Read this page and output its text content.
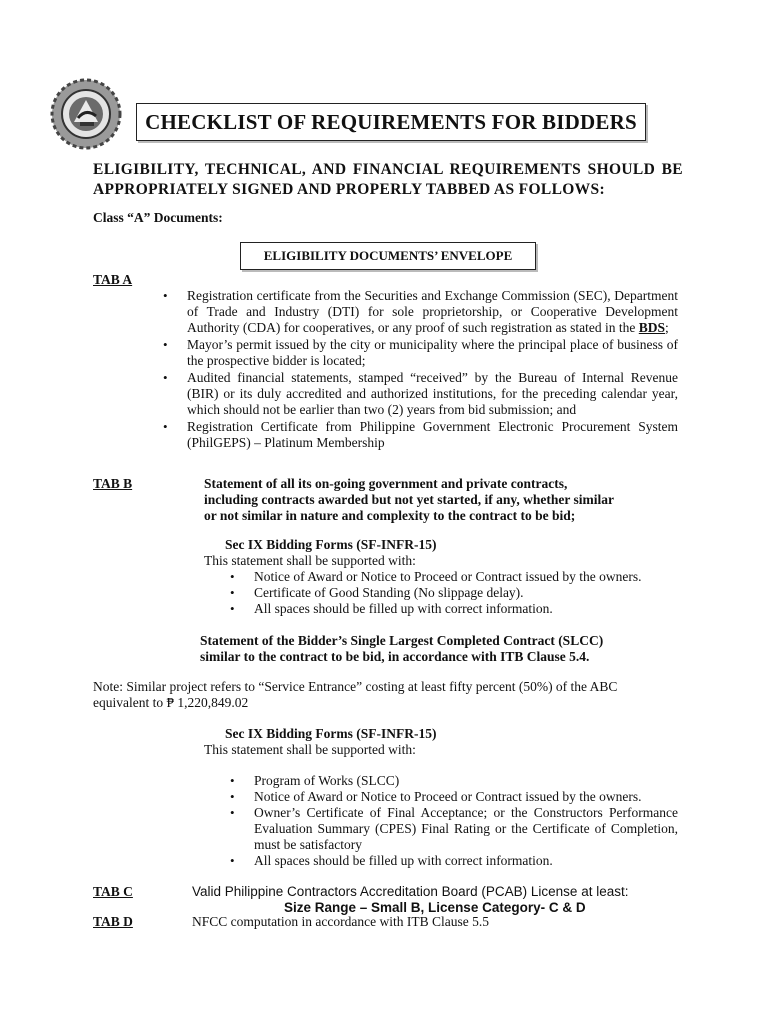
CHECKLIST OF REQUIREMENTS FOR BIDDERS
ELIGIBILITY, TECHNICAL, AND FINANCIAL REQUIREMENTS SHOULD BE APPROPRIATELY SIGNED AND PROPERLY TABBED AS FOLLOWS:
Class “A” Documents:
ELIGIBILITY DOCUMENTS’ ENVELOPE
TAB A
• Registration certificate from the Securities and Exchange Commission (SEC), Department of Trade and Industry (DTI) for sole proprietorship, or Cooperative Development Authority (CDA) for cooperatives, or any proof of such registration as stated in the BDS;
• Mayor’s permit issued by the city or municipality where the principal place of business of the prospective bidder is located;
• Audited financial statements, stamped “received” by the Bureau of Internal Revenue (BIR) or its duly accredited and authorized institutions, for the preceding calendar year, which should not be earlier than two (2) years from bid submission; and
• Registration Certificate from Philippine Government Electronic Procurement System (PhilGEPS) – Platinum Membership
TAB B	Statement of all its on-going government and private contracts,
including contracts awarded but not yet started, if any, whether similar
or not similar in nature and complexity to the contract to be bid;
Sec IX Bidding Forms (SF-INFR-15)
This statement shall be supported with:
• Notice of Award or Notice to Proceed or Contract issued by the owners.
• Certificate of Good Standing (No slippage delay).
• All spaces should be filled up with correct information.
Statement of the Bidder’s Single Largest Completed Contract (SLCC)
similar to the contract to be bid, in accordance with ITB Clause 5.4.
Note: Similar project refers to “Service Entrance” costing at least fifty percent (50%) of the ABC
equivalent to ₱ 1,220,849.02
Sec IX Bidding Forms (SF-INFR-15)
This statement shall be supported with:
• Program of Works (SLCC)
• Notice of Award or Notice to Proceed or Contract issued by the owners.
• Owner’s Certificate of Final Acceptance; or the Constructors Performance Evaluation Summary (CPES) Final Rating or the Certificate of Completion, must be satisfactory
• All spaces should be filled up with correct information.
TAB C	Valid Philippine Contractors Accreditation Board (PCAB) License at least:
Size Range – Small B, License Category- C & D
TAB D	NFCC computation in accordance with ITB Clause 5.5
